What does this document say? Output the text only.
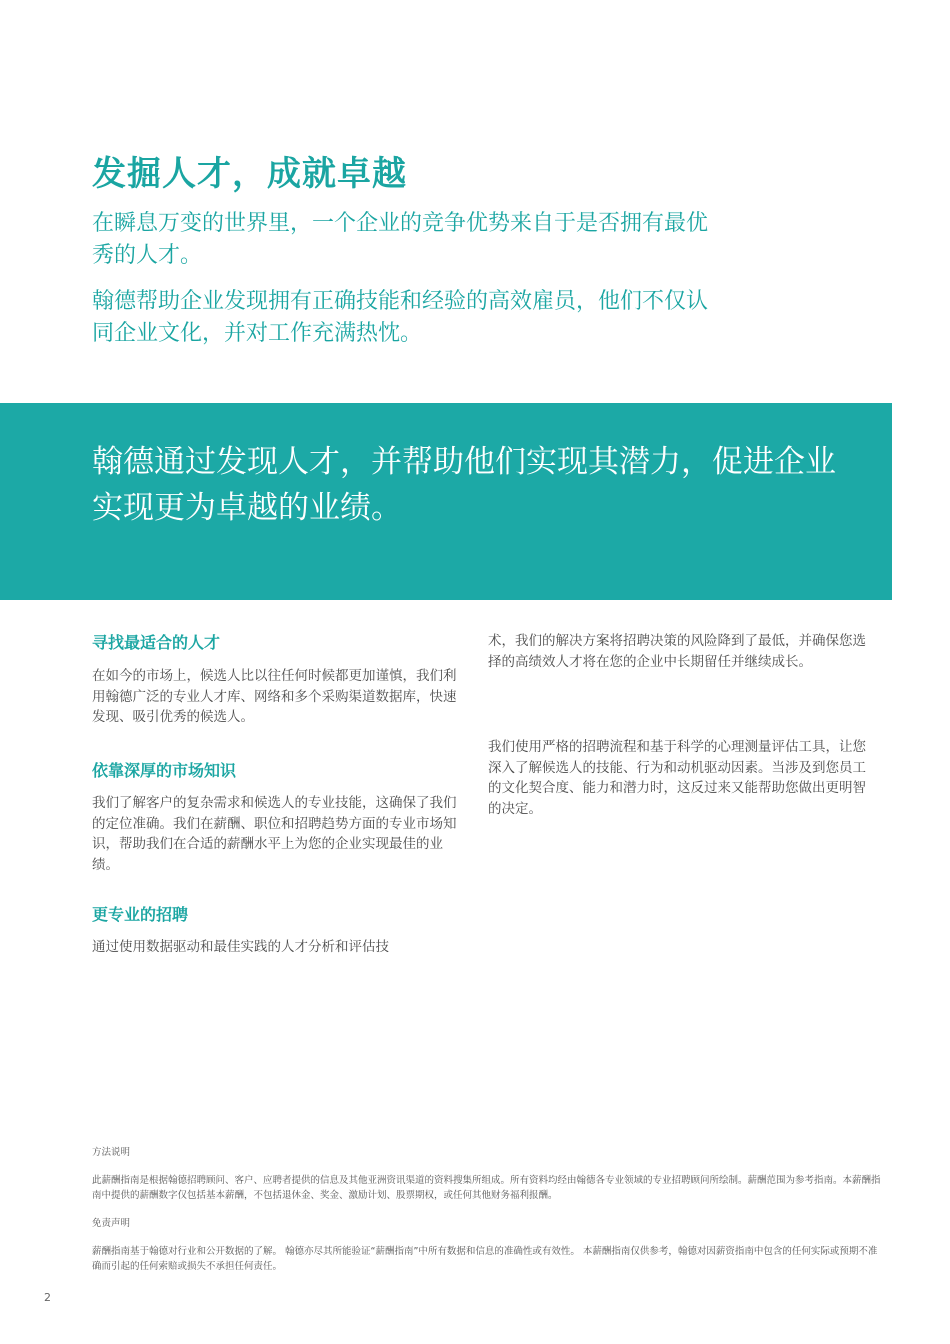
发掘人才，成就卓越

在瞬息万变的世界里，一个企业的竞争优势来自于是否拥有最优秀的人才。

翰德帮助企业发现拥有正确技能和经验的高效雇员，他们不仅认同企业文化，并对工作充满热忱。

翰德通过发现人才，并帮助他们实现其潜力，促进企业实现更为卓越的业绩。

寻找最适合的人才

在如今的市场上，候选人比以往任何时候都更加谨慎，我们利用翰德广泛的专业人才库、网络和多个采购渠道数据库，快速发现、吸引优秀的候选人。

依靠深厚的市场知识

我们了解客户的复杂需求和候选人的专业技能，这确保了我们的定位准确。我们在薪酬、职位和招聘趋势方面的专业市场知识，帮助我们在合适的薪酬水平上为您的企业实现最佳的业绩。

更专业的招聘

通过使用数据驱动和最佳实践的人才分析和评估技

术，我们的解决方案将招聘决策的风险降到了最低，并确保您选择的高绩效人才将在您的企业中长期留任并继续成长。

我们使用严格的招聘流程和基于科学的心理测量评估工具，让您深入了解候选人的技能、行为和动机驱动因素。当涉及到您员工的文化契合度、能力和潜力时，这反过来又能帮助您做出更明智的决定。

方法说明

此薪酬指南是根据翰德招聘顾问、客户、应聘者提供的信息及其他亚洲资讯渠道的资料搜集所组成。所有资料均经由翰德各专业领域的专业招聘顾问所绘制。薪酬范围为参考指南。本薪酬指南中提供的薪酬数字仅包括基本薪酬，不包括退休金、奖金、激励计划、股票期权，或任何其他财务福利报酬。

免责声明

薪酬指南基于翰德对行业和公开数据的了解。 翰德亦尽其所能验证“薪酬指南”中所有数据和信息的准确性或有效性。 本薪酬指南仅供参考，翰德对因薪资指南中包含的任何实际或预期不准确而引起的任何索赔或损失不承担任何责任。

2
